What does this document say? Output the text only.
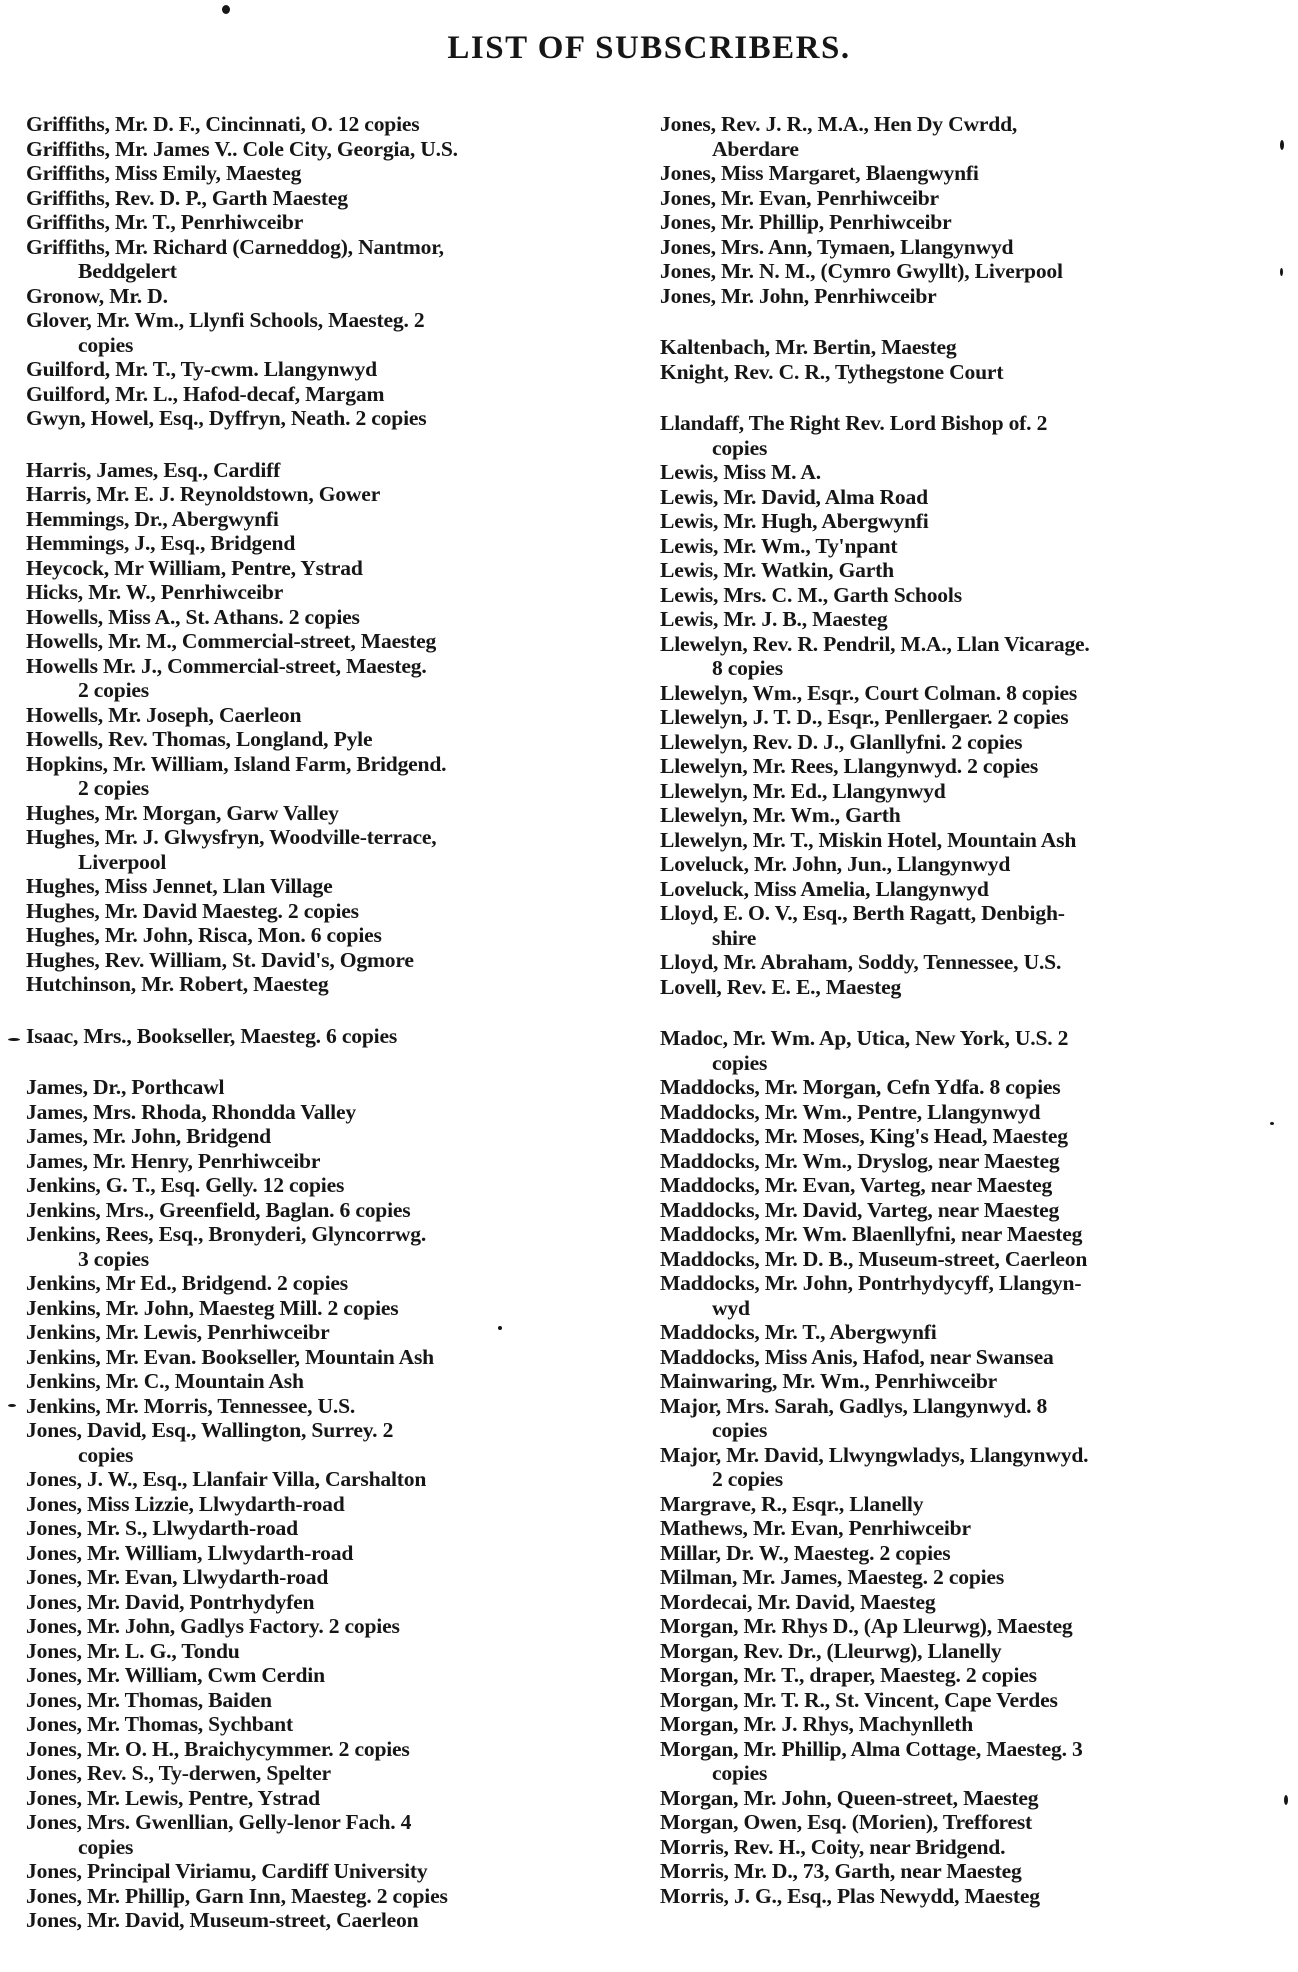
LIST OF SUBSCRIBERS.
Griffiths, Mr. D. F., Cincinnati, O. 12 copies
Griffiths, Mr. James V.. Cole City, Georgia, U.S.
Griffiths, Miss Emily, Maesteg
Griffiths, Rev. D. P., Garth Maesteg
Griffiths, Mr. T., Penrhiwceibr
Griffiths, Mr. Richard (Carneddog), Nantmor,
Beddgelert
Gronow, Mr. D.
Glover, Mr. Wm., Llynfi Schools, Maesteg. 2
copies
Guilford, Mr. T., Ty-cwm. Llangynwyd
Guilford, Mr. L., Hafod-decaf, Margam
Gwyn, Howel, Esq., Dyffryn, Neath. 2 copies
Harris, James, Esq., Cardiff
Harris, Mr. E. J. Reynoldstown, Gower
Hemmings, Dr., Abergwynfi
Hemmings, J., Esq., Bridgend
Heycock, Mr William, Pentre, Ystrad
Hicks, Mr. W., Penrhiwceibr
Howells, Miss A., St. Athans. 2 copies
Howells, Mr. M., Commercial-street, Maesteg
Howells Mr. J., Commercial-street, Maesteg.
2 copies
Howells, Mr. Joseph, Caerleon
Howells, Rev. Thomas, Longland, Pyle
Hopkins, Mr. William, Island Farm, Bridgend.
2 copies
Hughes, Mr. Morgan, Garw Valley
Hughes, Mr. J. Glwysfryn, Woodville-terrace,
Liverpool
Hughes, Miss Jennet, Llan Village
Hughes, Mr. David Maesteg. 2 copies
Hughes, Mr. John, Risca, Mon. 6 copies
Hughes, Rev. William, St. David's, Ogmore
Hutchinson, Mr. Robert, Maesteg
Isaac, Mrs., Bookseller, Maesteg. 6 copies
James, Dr., Porthcawl
James, Mrs. Rhoda, Rhondda Valley
James, Mr. John, Bridgend
James, Mr. Henry, Penrhiwceibr
Jenkins, G. T., Esq. Gelly. 12 copies
Jenkins, Mrs., Greenfield, Baglan. 6 copies
Jenkins, Rees, Esq., Bronyderi, Glyncorrwg.
3 copies
Jenkins, Mr Ed., Bridgend. 2 copies
Jenkins, Mr. John, Maesteg Mill. 2 copies
Jenkins, Mr. Lewis, Penrhiwceibr
Jenkins, Mr. Evan. Bookseller, Mountain Ash
Jenkins, Mr. C., Mountain Ash
Jenkins, Mr. Morris, Tennessee, U.S.
Jones, David, Esq., Wallington, Surrey. 2
copies
Jones, J. W., Esq., Llanfair Villa, Carshalton
Jones, Miss Lizzie, Llwydarth-road
Jones, Mr. S., Llwydarth-road
Jones, Mr. William, Llwydarth-road
Jones, Mr. Evan, Llwydarth-road
Jones, Mr. David, Pontrhydyfen
Jones, Mr. John, Gadlys Factory. 2 copies
Jones, Mr. L. G., Tondu
Jones, Mr. William, Cwm Cerdin
Jones, Mr. Thomas, Baiden
Jones, Mr. Thomas, Sychbant
Jones, Mr. O. H., Braichycymmer. 2 copies
Jones, Rev. S., Ty-derwen, Spelter
Jones, Mr. Lewis, Pentre, Ystrad
Jones, Mrs. Gwenllian, Gelly-lenor Fach. 4
copies
Jones, Principal Viriamu, Cardiff University
Jones, Mr. Phillip, Garn Inn, Maesteg. 2 copies
Jones, Mr. David, Museum-street, Caerleon
Jones, Rev. J. R., M.A., Hen Dy Cwrdd,
Aberdare
Jones, Miss Margaret, Blaengwynfi
Jones, Mr. Evan, Penrhiwceibr
Jones, Mr. Phillip, Penrhiwceibr
Jones, Mrs. Ann, Tymaen, Llangynwyd
Jones, Mr. N. M., (Cymro Gwyllt), Liverpool
Jones, Mr. John, Penrhiwceibr
Kaltenbach, Mr. Bertin, Maesteg
Knight, Rev. C. R., Tythegstone Court
Llandaff, The Right Rev. Lord Bishop of. 2
copies
Lewis, Miss M. A.
Lewis, Mr. David, Alma Road
Lewis, Mr. Hugh, Abergwynfi
Lewis, Mr. Wm., Ty'npant
Lewis, Mr. Watkin, Garth
Lewis, Mrs. C. M., Garth Schools
Lewis, Mr. J. B., Maesteg
Llewelyn, Rev. R. Pendril, M.A., Llan Vicarage.
8 copies
Llewelyn, Wm., Esqr., Court Colman. 8 copies
Llewelyn, J. T. D., Esqr., Penllergaer. 2 copies
Llewelyn, Rev. D. J., Glanllyfni. 2 copies
Llewelyn, Mr. Rees, Llangynwyd. 2 copies
Llewelyn, Mr. Ed., Llangynwyd
Llewelyn, Mr. Wm., Garth
Llewelyn, Mr. T., Miskin Hotel, Mountain Ash
Loveluck, Mr. John, Jun., Llangynwyd
Loveluck, Miss Amelia, Llangynwyd
Lloyd, E. O. V., Esq., Berth Ragatt, Denbigh-
shire
Lloyd, Mr. Abraham, Soddy, Tennessee, U.S.
Lovell, Rev. E. E., Maesteg
Madoc, Mr. Wm. Ap, Utica, New York, U.S. 2
copies
Maddocks, Mr. Morgan, Cefn Ydfa. 8 copies
Maddocks, Mr. Wm., Pentre, Llangynwyd
Maddocks, Mr. Moses, King's Head, Maesteg
Maddocks, Mr. Wm., Dryslog, near Maesteg
Maddocks, Mr. Evan, Varteg, near Maesteg
Maddocks, Mr. David, Varteg, near Maesteg
Maddocks, Mr. Wm. Blaenllyfni, near Maesteg
Maddocks, Mr. D. B., Museum-street, Caerleon
Maddocks, Mr. John, Pontrhydycyff, Llangyn-
wyd
Maddocks, Mr. T., Abergwynfi
Maddocks, Miss Anis, Hafod, near Swansea
Mainwaring, Mr. Wm., Penrhiwceibr
Major, Mrs. Sarah, Gadlys, Llangynwyd. 8
copies
Major, Mr. David, Llwyngwladys, Llangynwyd.
2 copies
Margrave, R., Esqr., Llanelly
Mathews, Mr. Evan, Penrhiwceibr
Millar, Dr. W., Maesteg. 2 copies
Milman, Mr. James, Maesteg. 2 copies
Mordecai, Mr. David, Maesteg
Morgan, Mr. Rhys D., (Ap Lleurwg), Maesteg
Morgan, Rev. Dr., (Lleurwg), Llanelly
Morgan, Mr. T., draper, Maesteg. 2 copies
Morgan, Mr. T. R., St. Vincent, Cape Verdes
Morgan, Mr. J. Rhys, Machynlleth
Morgan, Mr. Phillip, Alma Cottage, Maesteg. 3
copies
Morgan, Mr. John, Queen-street, Maesteg
Morgan, Owen, Esq. (Morien), Trefforest
Morris, Rev. H., Coity, near Bridgend.
Morris, Mr. D., 73, Garth, near Maesteg
Morris, J. G., Esq., Plas Newydd, Maesteg
